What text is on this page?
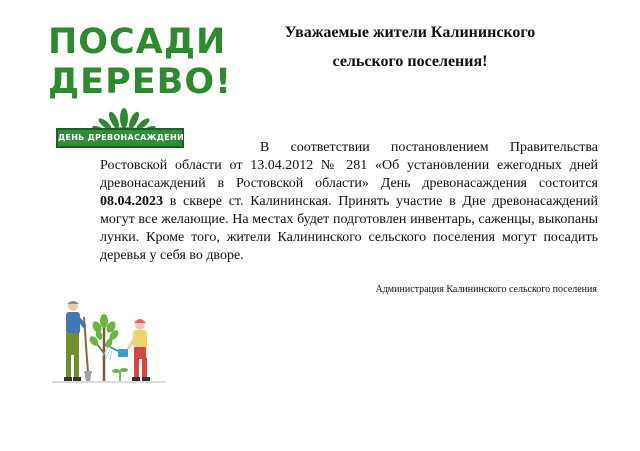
ПОСАДИ
ДЕРЕВО!
ДЕНЬ ДРЕВОНАСАЖДЕНИЯ
Уважаемые жители Калининского
сельского поселения!

В соответствии постановлением Правительства Ростовской области от 13.04.2012 № 281 «Об установлении ежегодных дней древонасаждений в Ростовской области» День древонасаждения состоится 08.04.2023 в сквере ст. Калининская. Принять участие в Дне древонасаждений могут все желающие. На местах будет подготовлен инвентарь, саженцы, выкопаны лунки. Кроме того, жители Калининского сельского поселения могут посадить деревья у себя во дворе.

Администрация Калининского сельского поселения
